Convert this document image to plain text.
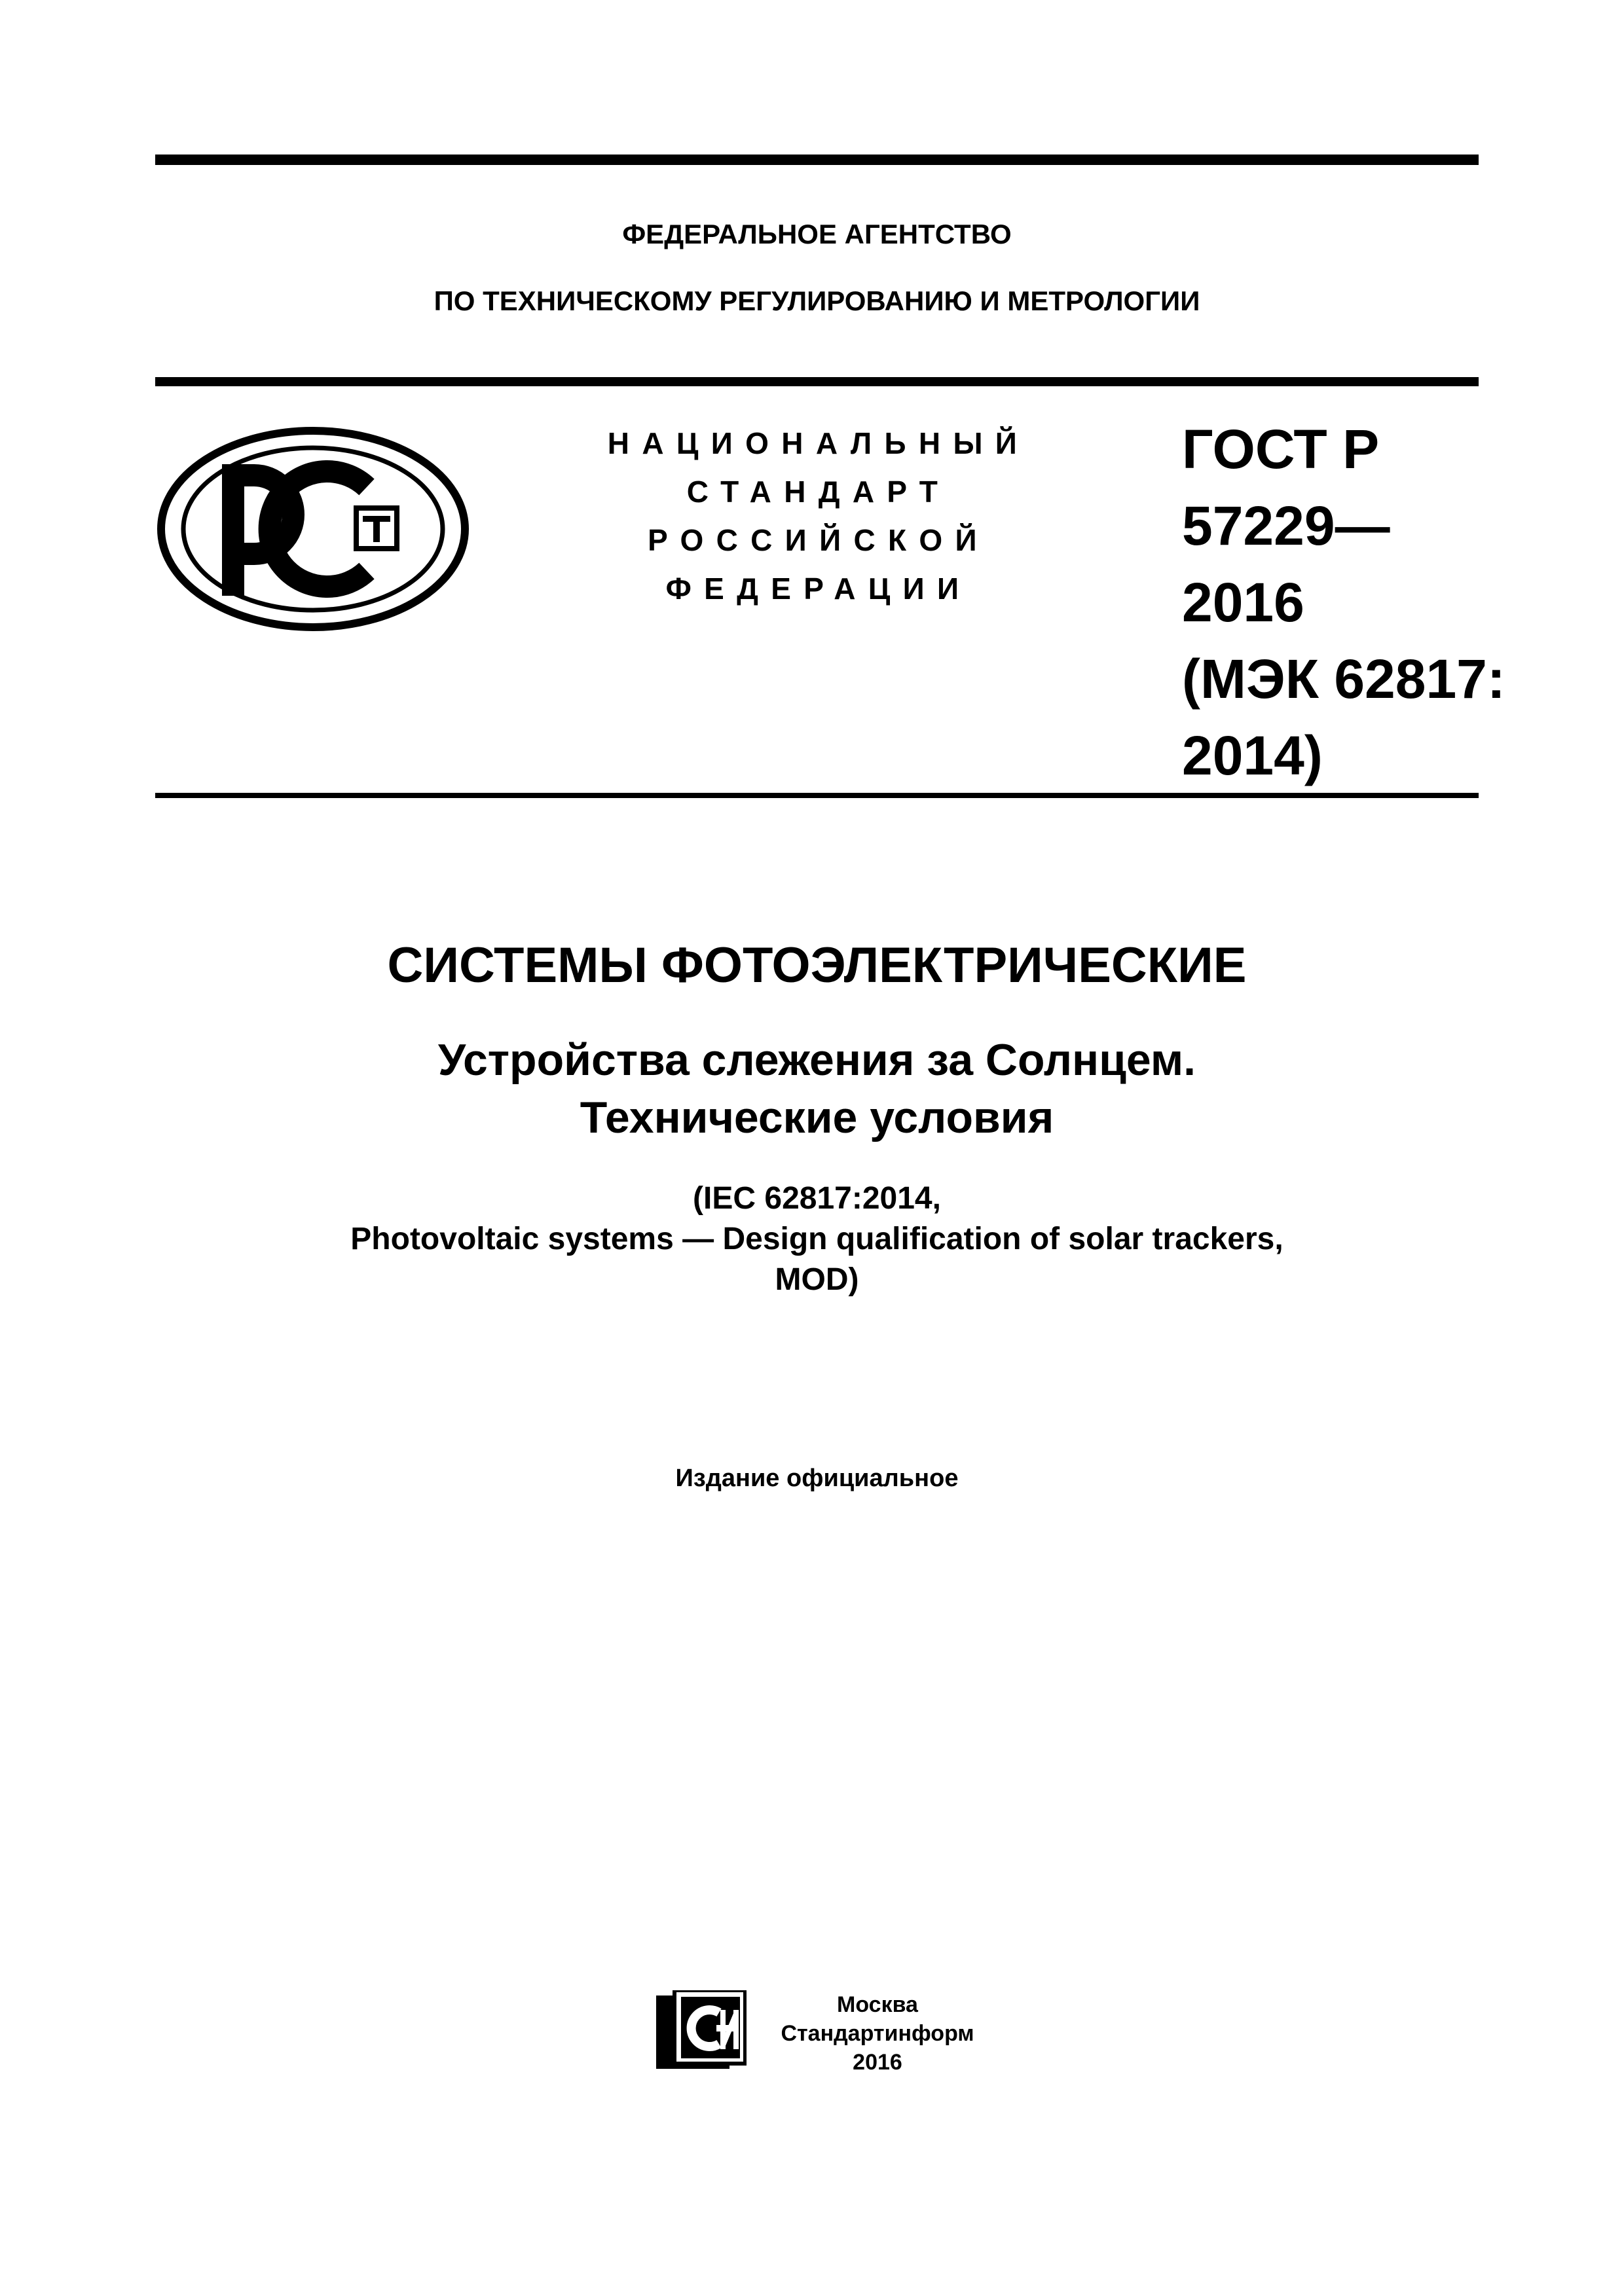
ФЕДЕРАЛЬНОЕ АГЕНТСТВО
ПО ТЕХНИЧЕСКОМУ РЕГУЛИРОВАНИЮ И МЕТРОЛОГИИ
НАЦИОНАЛЬНЫЙ
СТАНДАРТ
РОССИЙСКОЙ
ФЕДЕРАЦИИ
ГОСТ Р
57229—
2016
(МЭК 62817:
2014)
СИСТЕМЫ ФОТОЭЛЕКТРИЧЕСКИЕ
Устройства слежения за Солнцем.
Технические условия
(IEC 62817:2014,
Photovoltaic systems — Design qualification of solar trackers,
MOD)
Издание официальное
Москва
Стандартинформ
2016
